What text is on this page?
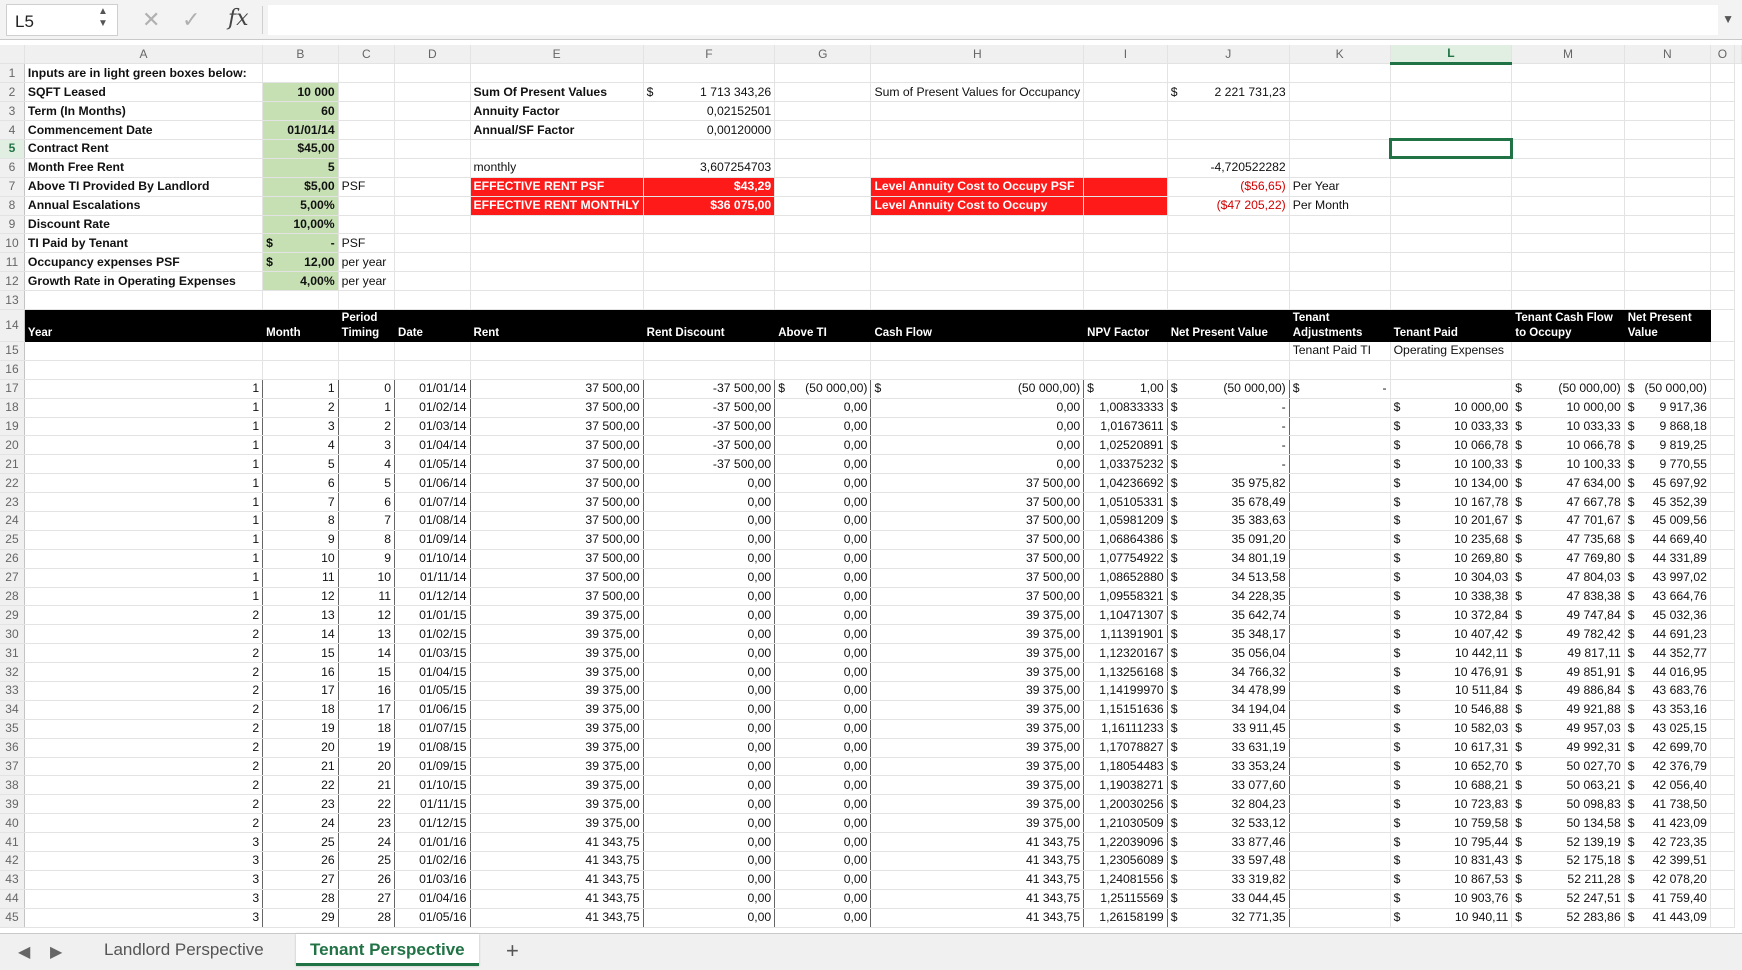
L5
▲
▼ ✕ ✓ fx	▼
	A	B	C	D	E	F	G	H	I	J	K	L	M	N	O	
1	Inputs are in light green boxes below:															
2	SQFT Leased	10 000			Sum Of Present Values	$ 1 713 343,26		Sum of Present Values for Occupancy		$ 2 221 731,23						

3	Term (In Months)	60			Annuity Factor	0,02152501										
4	Commencement Date	01/01/14			Annual/SF Factor	0,00120000										
5	Contract Rent	$45,00														
6	Month Free Rent	5			monthly	3,607254703				-4,720522282						
7	Above TI Provided By Landlord	$5,00	PSF		EFFECTIVE RENT PSF	$43,29		Level Annuity Cost to Occupy PSF		($56,65)	Per Year					
8	Annual Escalations	5,00%			EFFECTIVE RENT MONTHLY	$36 075,00		Level Annuity Cost to Occupy		($47 205,22)	Per Month					
9	Discount Rate	10,00%														
10	TI Paid by Tenant	$ -	PSF													
11	Occupancy expenses PSF	$ 12,00	per year													
12	Growth Rate in Operating Expenses	4,00%	per year													
13																
14	Year	Month	Period Timing	Date	Rent	Rent Discount	Above TI	Cash Flow	NPV Factor	Net Present Value	Tenant Adjustments	Tenant Paid	Tenant Cash Flow to Occupy	Net Present Value		
15											Tenant Paid TI	Operating Expenses				
16																
17	1	1	0	01/01/14	37 500,00	-37 500,00	$ (50 000,00)	$ (50 000,00)	$ 1,00	$ (50 000,00)	$ -		$ (50 000,00)	$ (50 000,00)		

18	1	2	1	01/02/14	37 500,00	-37 500,00	0,00	0,00	1,00833333	$ -		$ 10 000,00	$ 10 000,00	$ 9 917,36		

19	1	3	2	01/03/14	37 500,00	-37 500,00	0,00	0,00	1,01673611	$ -		$ 10 033,33	$ 10 033,33	$ 9 868,18		

20	1	4	3	01/04/14	37 500,00	-37 500,00	0,00	0,00	1,02520891	$ -		$ 10 066,78	$ 10 066,78	$ 9 819,25		

21	1	5	4	01/05/14	37 500,00	-37 500,00	0,00	0,00	1,03375232	$ -		$ 10 100,33	$ 10 100,33	$ 9 770,55		

22	1	6	5	01/06/14	37 500,00	0,00	0,00	37 500,00	1,04236692	$ 35 975,82		$ 10 134,00	$ 47 634,00	$ 45 697,92		

23	1	7	6	01/07/14	37 500,00	0,00	0,00	37 500,00	1,05105331	$ 35 678,49		$ 10 167,78	$ 47 667,78	$ 45 352,39		

24	1	8	7	01/08/14	37 500,00	0,00	0,00	37 500,00	1,05981209	$ 35 383,63		$ 10 201,67	$ 47 701,67	$ 45 009,56		

25	1	9	8	01/09/14	37 500,00	0,00	0,00	37 500,00	1,06864386	$ 35 091,20		$ 10 235,68	$ 47 735,68	$ 44 669,40		

26	1	10	9	01/10/14	37 500,00	0,00	0,00	37 500,00	1,07754922	$ 34 801,19		$ 10 269,80	$ 47 769,80	$ 44 331,89		

27	1	11	10	01/11/14	37 500,00	0,00	0,00	37 500,00	1,08652880	$ 34 513,58		$ 10 304,03	$ 47 804,03	$ 43 997,02		

28	1	12	11	01/12/14	37 500,00	0,00	0,00	37 500,00	1,09558321	$ 34 228,35		$ 10 338,38	$ 47 838,38	$ 43 664,76		

29	2	13	12	01/01/15	39 375,00	0,00	0,00	39 375,00	1,10471307	$ 35 642,74		$ 10 372,84	$ 49 747,84	$ 45 032,36		

30	2	14	13	01/02/15	39 375,00	0,00	0,00	39 375,00	1,11391901	$ 35 348,17		$ 10 407,42	$ 49 782,42	$ 44 691,23		

31	2	15	14	01/03/15	39 375,00	0,00	0,00	39 375,00	1,12320167	$ 35 056,04		$ 10 442,11	$ 49 817,11	$ 44 352,77		

32	2	16	15	01/04/15	39 375,00	0,00	0,00	39 375,00	1,13256168	$ 34 766,32		$ 10 476,91	$ 49 851,91	$ 44 016,95		

33	2	17	16	01/05/15	39 375,00	0,00	0,00	39 375,00	1,14199970	$ 34 478,99		$ 10 511,84	$ 49 886,84	$ 43 683,76		

34	2	18	17	01/06/15	39 375,00	0,00	0,00	39 375,00	1,15151636	$ 34 194,04		$ 10 546,88	$ 49 921,88	$ 43 353,16		

35	2	19	18	01/07/15	39 375,00	0,00	0,00	39 375,00	1,16111233	$ 33 911,45		$ 10 582,03	$ 49 957,03	$ 43 025,15		

36	2	20	19	01/08/15	39 375,00	0,00	0,00	39 375,00	1,17078827	$ 33 631,19		$ 10 617,31	$ 49 992,31	$ 42 699,70		

37	2	21	20	01/09/15	39 375,00	0,00	0,00	39 375,00	1,18054483	$ 33 353,24		$ 10 652,70	$ 50 027,70	$ 42 376,79		

38	2	22	21	01/10/15	39 375,00	0,00	0,00	39 375,00	1,19038271	$ 33 077,60		$ 10 688,21	$ 50 063,21	$ 42 056,40		

39	2	23	22	01/11/15	39 375,00	0,00	0,00	39 375,00	1,20030256	$ 32 804,23		$ 10 723,83	$ 50 098,83	$ 41 738,50		

40	2	24	23	01/12/15	39 375,00	0,00	0,00	39 375,00	1,21030509	$ 32 533,12		$ 10 759,58	$ 50 134,58	$ 41 423,09		

41	3	25	24	01/01/16	41 343,75	0,00	0,00	41 343,75	1,22039096	$ 33 877,46		$ 10 795,44	$ 52 139,19	$ 42 723,35		

42	3	26	25	01/02/16	41 343,75	0,00	0,00	41 343,75	1,23056089	$ 33 597,48		$ 10 831,43	$ 52 175,18	$ 42 399,51		

43	3	27	26	01/03/16	41 343,75	0,00	0,00	41 343,75	1,24081556	$ 33 319,82		$ 10 867,53	$ 52 211,28	$ 42 078,20		

44	3	28	27	01/04/16	41 343,75	0,00	0,00	41 343,75	1,25115569	$ 33 044,45		$ 10 903,76	$ 52 247,51	$ 41 759,40		

45	3	29	28	01/05/16	41 343,75	0,00	0,00	41 343,75	1,26158199	$ 32 771,35		$ 10 940,11	$ 52 283,86	$ 41 443,09		

◀ ▶	Landlord Perspective	Tenant Perspective	+
